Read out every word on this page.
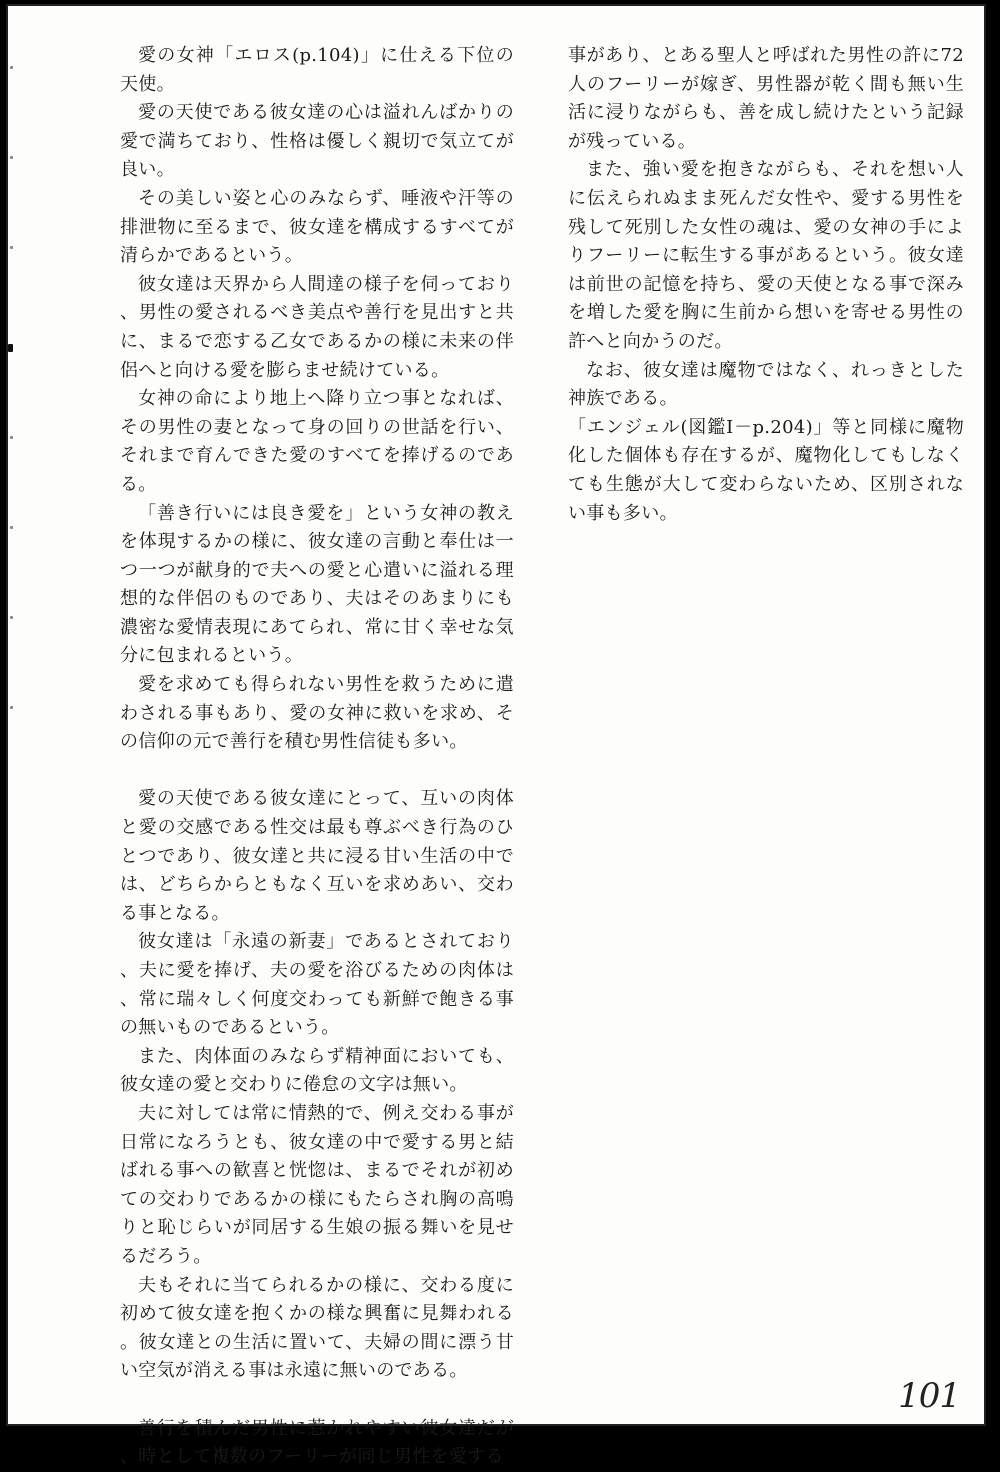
愛の女神「エロス(p.104)」に仕える下位の天使。

愛の天使である彼女達の心は溢れんばかりの愛で満ちており、性格は優しく親切で気立てが良い。

その美しい姿と心のみならず、唾液や汗等の排泄物に至るまで、彼女達を構成するすべてが清らかであるという。

彼女達は天界から人間達の様子を伺っており、男性の愛されるべき美点や善行を見出すと共に、まるで恋する乙女であるかの様に未来の伴侶へと向ける愛を膨らませ続けている。

女神の命により地上へ降り立つ事となれば、その男性の妻となって身の回りの世話を行い、それまで育んできた愛のすべてを捧げるのである。

「善き行いには良き愛を」という女神の教えを体現するかの様に、彼女達の言動と奉仕は一つ一つが献身的で夫への愛と心遣いに溢れる理想的な伴侶のものであり、夫はそのあまりにも濃密な愛情表現にあてられ、常に甘く幸せな気分に包まれるという。

愛を求めても得られない男性を救うために遣わされる事もあり、愛の女神に救いを求め、その信仰の元で善行を積む男性信徒も多い。

愛の天使である彼女達にとって、互いの肉体と愛の交感である性交は最も尊ぶべき行為のひとつであり、彼女達と共に浸る甘い生活の中では、どちらからともなく互いを求めあい、交わる事となる。

彼女達は「永遠の新妻」であるとされており、夫に愛を捧げ、夫の愛を浴びるための肉体は、常に瑞々しく何度交わっても新鮮で飽きる事の無いものであるという。

また、肉体面のみならず精神面においても、彼女達の愛と交わりに倦怠の文字は無い。

夫に対しては常に情熱的で、例え交わる事が日常になろうとも、彼女達の中で愛する男と結ばれる事への歓喜と恍惚は、まるでそれが初めての交わりであるかの様にもたらされ胸の高鳴りと恥じらいが同居する生娘の振る舞いを見せるだろう。

夫もそれに当てられるかの様に、交わる度に初めて彼女達を抱くかの様な興奮に見舞われる。彼女達との生活に置いて、夫婦の間に漂う甘い空気が消える事は永遠に無いのである。

善行を積んだ男性に惹かれやすい彼女達だが、時として複数のフーリーが同じ男性を愛する

事があり、とある聖人と呼ばれた男性の許に72人のフーリーが嫁ぎ、男性器が乾く間も無い生活に浸りながらも、善を成し続けたという記録が残っている。

また、強い愛を抱きながらも、それを想い人に伝えられぬまま死んだ女性や、愛する男性を残して死別した女性の魂は、愛の女神の手によりフーリーに転生する事があるという。彼女達は前世の記憶を持ち、愛の天使となる事で深みを増した愛を胸に生前から想いを寄せる男性の許へと向かうのだ。

なお、彼女達は魔物ではなく、れっきとした神族である。

「エンジェル(図鑑Ⅰ－p.204)」等と同様に魔物化した個体も存在するが、魔物化してもしなくても生態が大して変わらないため、区別されない事も多い。

101
